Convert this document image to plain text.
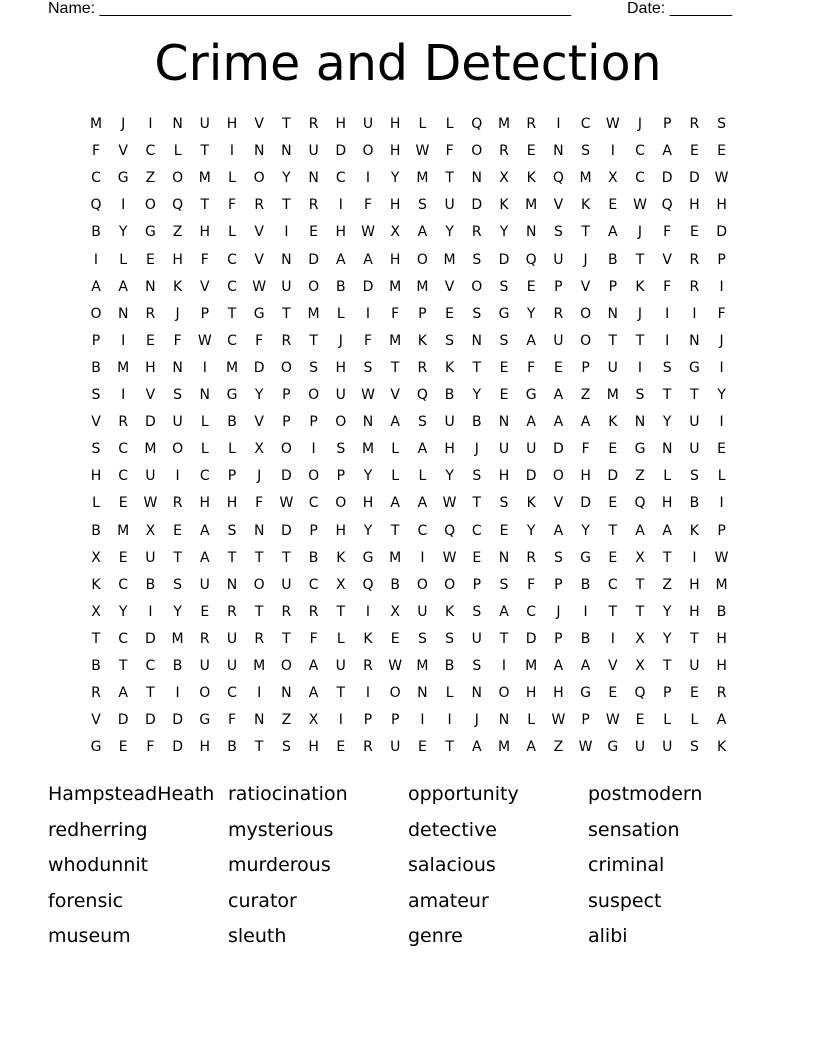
Name: _____________________________________________________	Date: _______
Crime and Detection
M	J	I	N	U	H	V	T	R	H	U	H	L	L	Q	M	R	I	C	W	J	P	R	S
F	V	C	L	T	I	N	N	U	D	O	H	W	F	O	R	E	N	S	I	C	A	E	E
C	G	Z	O	M	L	O	Y	N	C	I	Y	M	T	N	X	K	Q	M	X	C	D	D	W
Q	I	O	Q	T	F	R	T	R	I	F	H	S	U	D	K	M	V	K	E	W	Q	H	H
B	Y	G	Z	H	L	V	I	E	H	W	X	A	Y	R	Y	N	S	T	A	J	F	E	D
I	L	E	H	F	C	V	N	D	A	A	H	O	M	S	D	Q	U	J	B	T	V	R	P
A	A	N	K	V	C	W	U	O	B	D	M	M	V	O	S	E	P	V	P	K	F	R	I
O	N	R	J	P	T	G	T	M	L	I	F	P	E	S	G	Y	R	O	N	J	I	I	F
P	I	E	F	W	C	F	R	T	J	F	M	K	S	N	S	A	U	O	T	T	I	N	J
B	M	H	N	I	M	D	O	S	H	S	T	R	K	T	E	F	E	P	U	I	S	G	I
S	I	V	S	N	G	Y	P	O	U	W	V	Q	B	Y	E	G	A	Z	M	S	T	T	Y
V	R	D	U	L	B	V	P	P	O	N	A	S	U	B	N	A	A	A	K	N	Y	U	I
S	C	M	O	L	L	X	O	I	S	M	L	A	H	J	U	U	D	F	E	G	N	U	E
H	C	U	I	C	P	J	D	O	P	Y	L	L	Y	S	H	D	O	H	D	Z	L	S	L
L	E	W	R	H	H	F	W	C	O	H	A	A	W	T	S	K	V	D	E	Q	H	B	I
B	M	X	E	A	S	N	D	P	H	Y	T	C	Q	C	E	Y	A	Y	T	A	A	K	P
X	E	U	T	A	T	T	T	B	K	G	M	I	W	E	N	R	S	G	E	X	T	I	W
K	C	B	S	U	N	O	U	C	X	Q	B	O	O	P	S	F	P	B	C	T	Z	H	M
X	Y	I	Y	E	R	T	R	R	T	I	X	U	K	S	A	C	J	I	T	T	Y	H	B
T	C	D	M	R	U	R	T	F	L	K	E	S	S	U	T	D	P	B	I	X	Y	T	H
B	T	C	B	U	U	M	O	A	U	R	W	M	B	S	I	M	A	A	V	X	T	U	H
R	A	T	I	O	C	I	N	A	T	I	O	N	L	N	O	H	H	G	E	Q	P	E	R
V	D	D	D	G	F	N	Z	X	I	P	P	I	I	J	N	L	W	P	W	E	L	L	A
G	E	F	D	H	B	T	S	H	E	R	U	E	T	A	M	A	Z	W	G	U	U	S	K
HampsteadHeath ratiocination	opportunity	postmodern
redherring	mysterious	detective	sensation
whodunnit	murderous	salacious	criminal
forensic	curator	amateur	suspect
museum	sleuth	genre	alibi
